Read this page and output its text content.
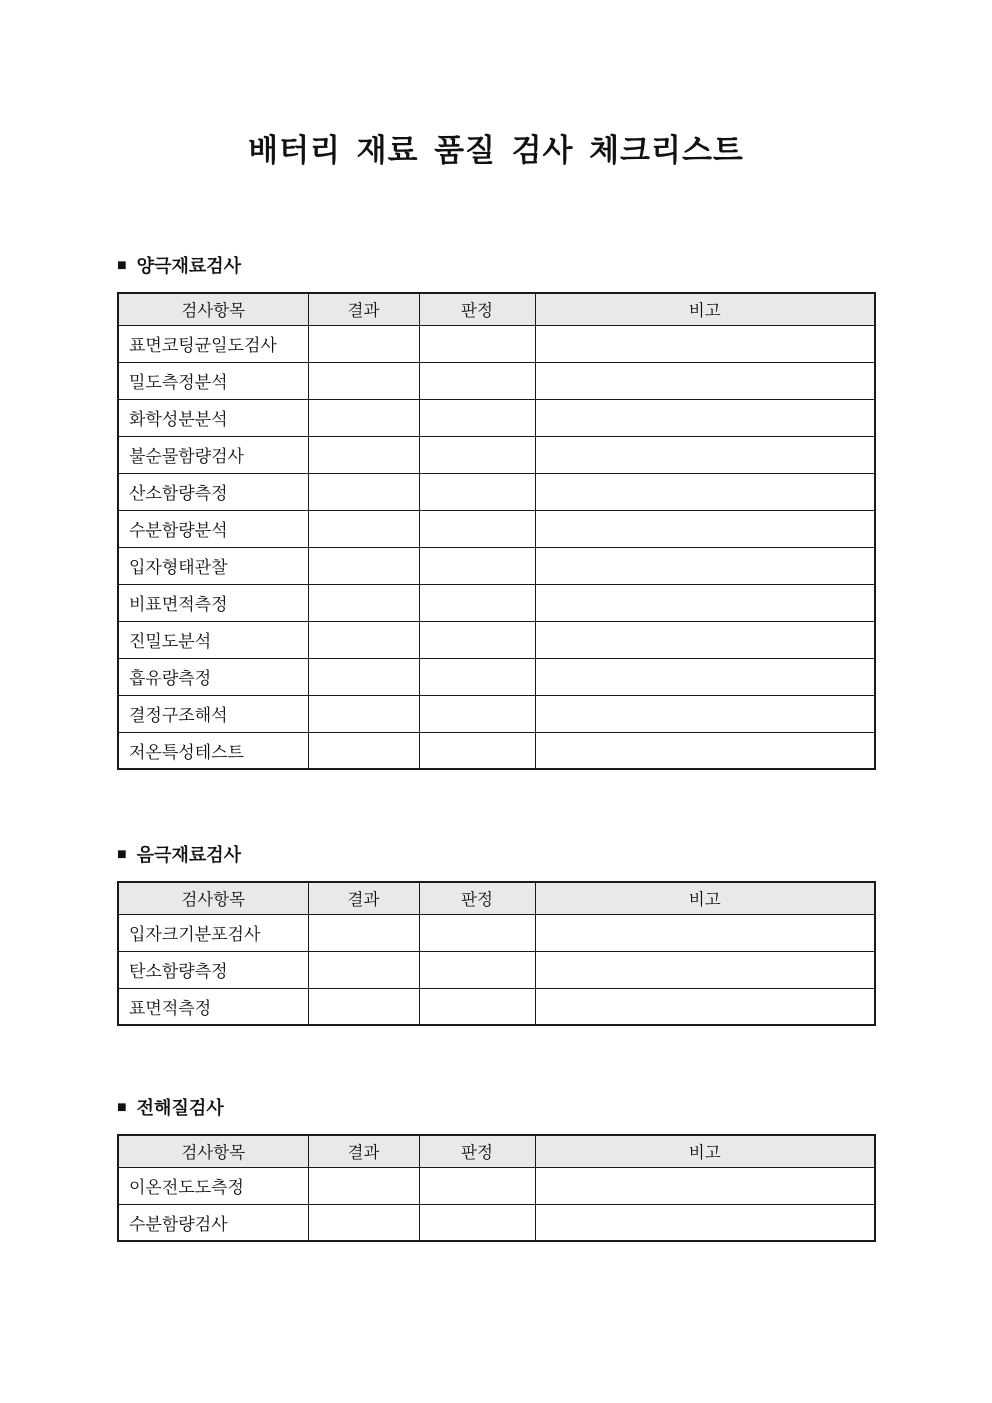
배터리 재료 품질 검사 체크리스트
■ 양극재료검사
검사항목	결과	판정	비고
표면코팅균일도검사			
밀도측정분석			
화학성분분석			
불순물함량검사			
산소함량측정			
수분함량분석			
입자형태관찰			
비표면적측정			
진밀도분석			
흡유량측정			
결정구조해석			
저온특성테스트			
■ 음극재료검사
검사항목	결과	판정	비고
입자크기분포검사			
탄소함량측정			
표면적측정			
■ 전해질검사
검사항목	결과	판정	비고
이온전도도측정			
수분함량검사			
